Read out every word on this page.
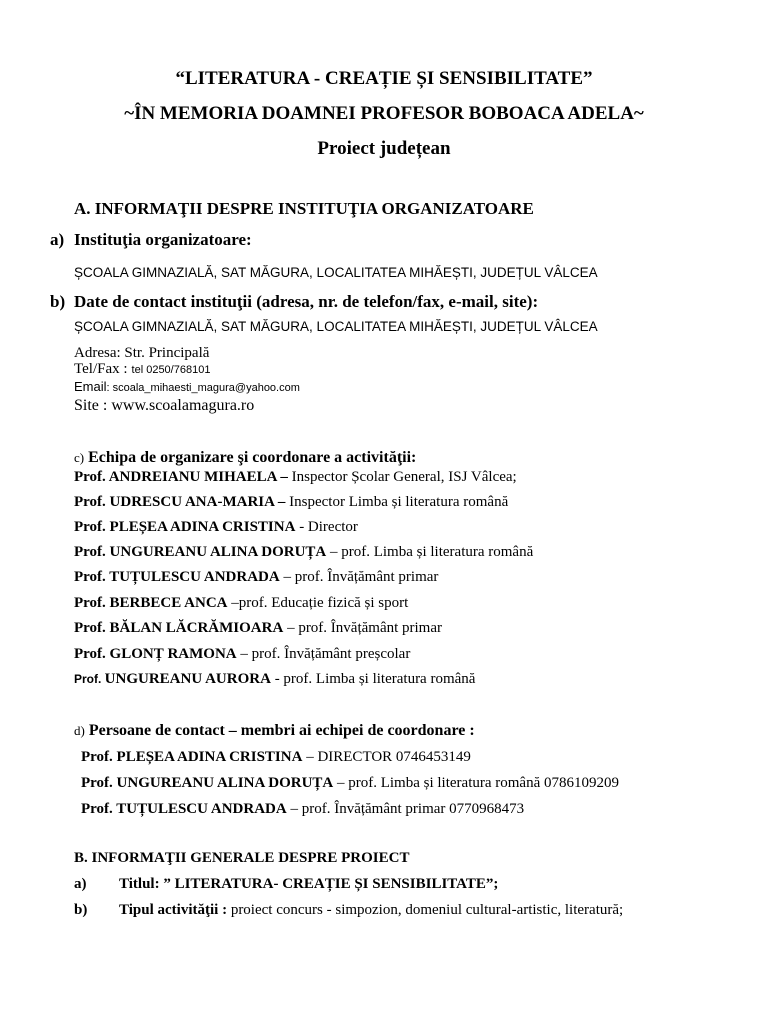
“LITERATURA - CREAȚIE ȘI SENSIBILITATE”
~ÎN MEMORIA DOAMNEI PROFESOR BOBOACA ADELA~
Proiect județean
A. INFORMAŢII DESPRE INSTITUŢIA ORGANIZATOARE
a) Instituţia organizatoare:
ȘCOALA GIMNAZIALĂ, SAT MĂGURA, LOCALITATEA MIHĂEȘTI, JUDEȚUL VÂLCEA
b) Date de contact instituţii (adresa, nr. de telefon/fax, e-mail, site):
ȘCOALA GIMNAZIALĂ, SAT MĂGURA, LOCALITATEA MIHĂEȘTI, JUDEȚUL VÂLCEA
Adresa: Str. Principală
Tel/Fax : tel 0250/768101
Email: scoala_mihaesti_magura@yahoo.com
Site : www.scoalamagura.ro
c) Echipa de organizare şi coordonare a activităţii:
Prof. ANDREIANU MIHAELA – Inspector Școlar General, ISJ Vâlcea;
Prof. UDRESCU ANA-MARIA – Inspector Limba și literatura română
Prof. PLEȘEA ADINA CRISTINA - Director
Prof. UNGUREANU ALINA DORUȚA – prof. Limba și literatura română
Prof. TUȚULESCU ANDRADA – prof. Învățământ primar
Prof. BERBECE ANCA –prof. Educație fizică și sport
Prof. BĂLAN LĂCRĂMIOARA – prof. Învățământ primar
Prof. GLONȚ RAMONA – prof. Învățământ preșcolar
Prof. UNGUREANU AURORA - prof. Limba și literatura română
d) Persoane de contact – membri ai echipei de coordonare :
Prof. PLEȘEA ADINA CRISTINA – DIRECTOR 0746453149
Prof. UNGUREANU ALINA DORUȚA – prof. Limba și literatura română 0786109209
Prof. TUȚULESCU ANDRADA – prof. Învățământ primar 0770968473
B. INFORMAŢII GENERALE DESPRE PROIECT
a) Titlul: ” LITERATURA- CREAȚIE ȘI SENSIBILITATE”;
b) Tipul activităţii : proiect concurs - simpozion, domeniul cultural-artistic, literatură;
